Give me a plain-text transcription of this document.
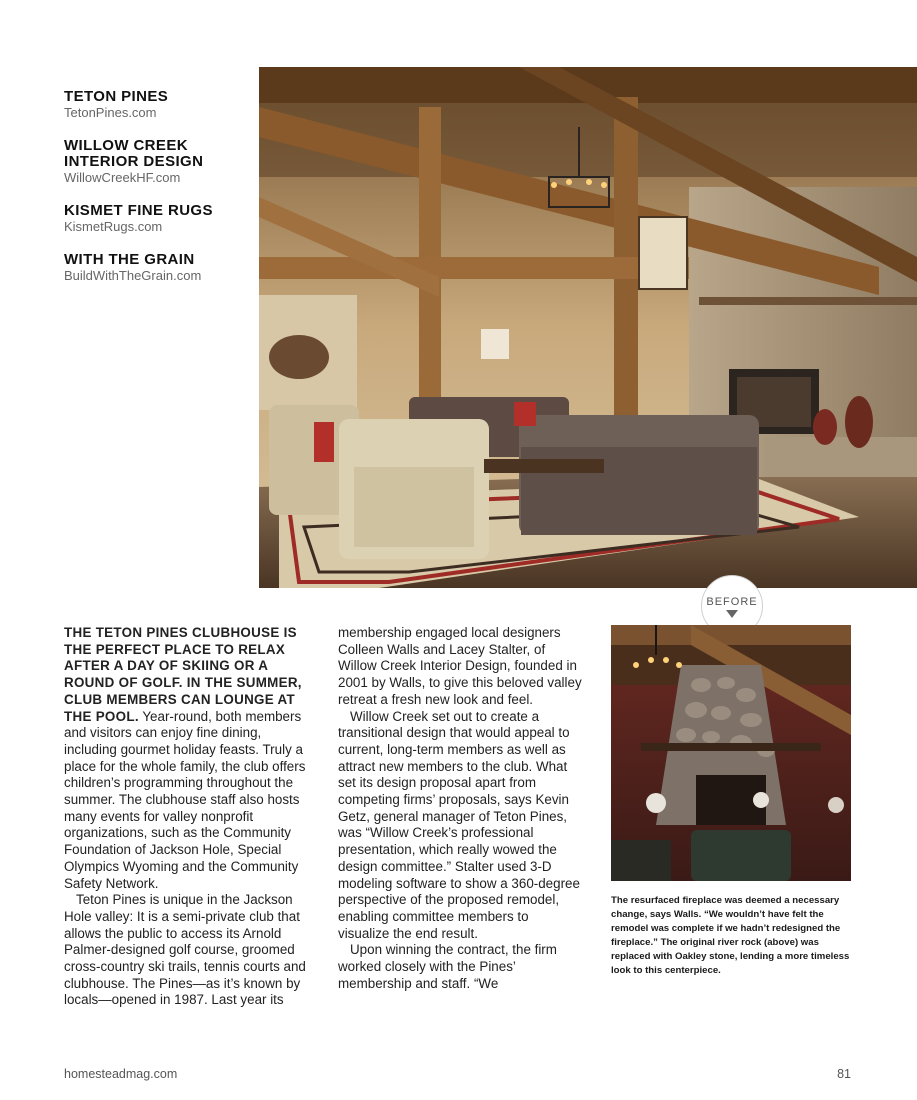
TETON PINES
TetonPines.com
WILLOW CREEK INTERIOR DESIGN
WillowCreekHF.com
KISMET FINE RUGS
KismetRugs.com
WITH THE GRAIN
BuildWithTheGrain.com
BEFORE

THE TETON PINES CLUBHOUSE IS THE PERFECT PLACE TO RELAX AFTER A DAY OF SKIING OR A ROUND OF GOLF. IN THE SUMMER, CLUB MEMBERS CAN LOUNGE AT THE POOL. Year-round, both members and visitors can enjoy fine dining, including gourmet holiday feasts. Truly a place for the whole family, the club offers children’s programming throughout the summer. The clubhouse staff also hosts many events for valley nonprofit organizations, such as the Community Foundation of Jackson Hole, Special Olympics Wyoming and the Community Safety Network.

Teton Pines is unique in the Jackson Hole valley: It is a semi-private club that allows the public to access its Arnold Palmer-designed golf course, groomed cross-country ski trails, tennis courts and clubhouse. The Pines—as it’s known by locals—opened in 1987. Last year its

membership engaged local designers Colleen Walls and Lacey Stalter, of Willow Creek Interior Design, founded in 2001 by Walls, to give this beloved valley retreat a fresh new look and feel.

Willow Creek set out to create a transitional design that would appeal to current, long-term members as well as attract new members to the club. What set its design proposal apart from competing firms’ proposals, says Kevin Getz, general manager of Teton Pines, was “Willow Creek’s professional presentation, which really wowed the design committee.” Stalter used 3-D modeling software to show a 360-degree perspective of the proposed remodel, enabling committee members to visualize the end result.

Upon winning the contract, the firm worked closely with the Pines’ membership and staff. “We

The resurfaced fireplace was deemed a necessary change, says Walls. “We wouldn’t have felt the remodel was complete if we hadn’t redesigned the fireplace.” The original river rock (above) was replaced with Oakley stone, lending a more timeless look to this centerpiece.
homesteadmag.com	81
